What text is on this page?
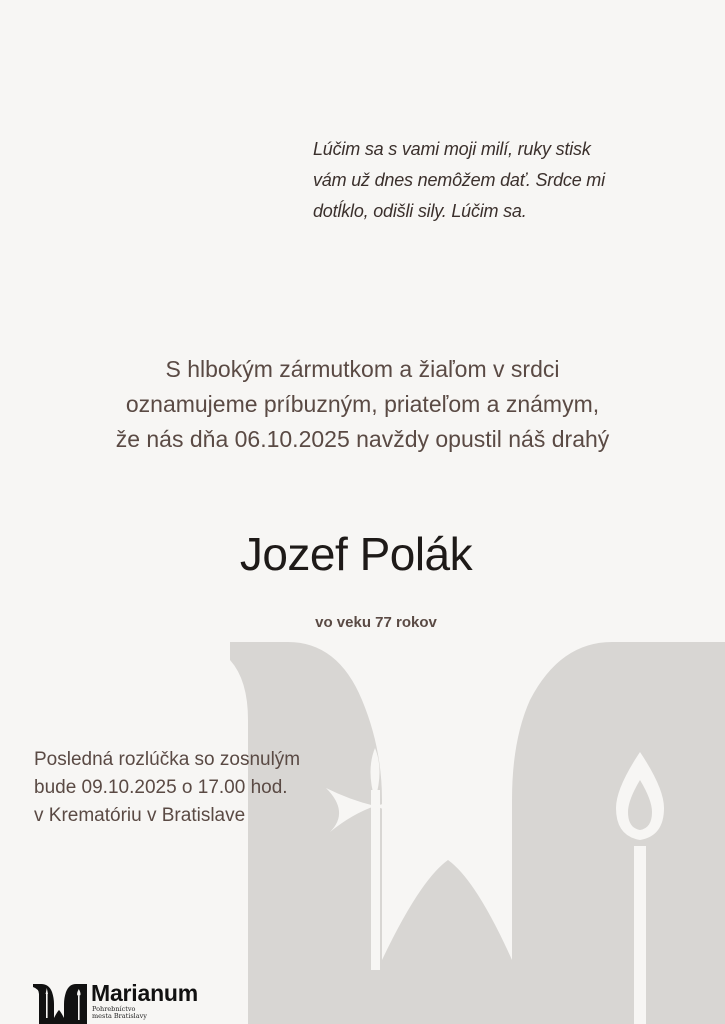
Lúčim sa s vami moji milí, ruky stisk
vám už dnes nemôžem dať. Srdce mi
dotĺklo, odišli sily. Lúčim sa.
S hlbokým zármutkom a žiaľom v srdci
oznamujeme príbuzným, priateľom a známym,
že nás dňa 06.10.2025 navždy opustil náš drahý
Jozef Polák
vo veku 77 rokov
Posledná rozlúčka so zosnulým
bude 09.10.2025 o 17.00 hod.
v Krematóriu v Bratislave
Marianum
Pohrebníctvo
mesta Bratislavy
